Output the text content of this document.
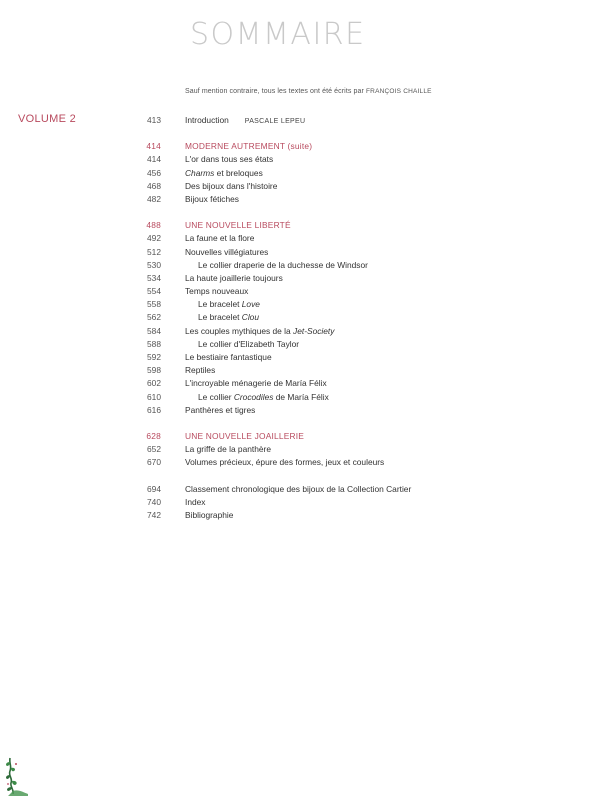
SOMMAIRE
Sauf mention contraire, tous les textes ont été écrits par FRANÇOIS CHAILLE
VOLUME 2	413	Introduction PASCALE LEPEU
414	MODERNE AUTREMENT (suite)
414	L'or dans tous ses états
456	Charms et breloques
468	Des bijoux dans l'histoire
482	Bijoux fétiches
488	UNE NOUVELLE LIBERTÉ
492	La faune et la flore
512	Nouvelles villégiatures
530	Le collier draperie de la duchesse de Windsor
534	La haute joaillerie toujours
554	Temps nouveaux
558	Le bracelet Love
562	Le bracelet Clou
584	Les couples mythiques de la Jet-Society
588	Le collier d'Elizabeth Taylor
592	Le bestiaire fantastique
598	Reptiles
602	L'incroyable ménagerie de María Félix
610	Le collier Crocodiles de María Félix
616	Panthères et tigres
628	UNE NOUVELLE JOAILLERIE
652	La griffe de la panthère
670	Volumes précieux, épure des formes, jeux et couleurs
694	Classement chronologique des bijoux de la Collection Cartier
740	Index
742	Bibliographie
